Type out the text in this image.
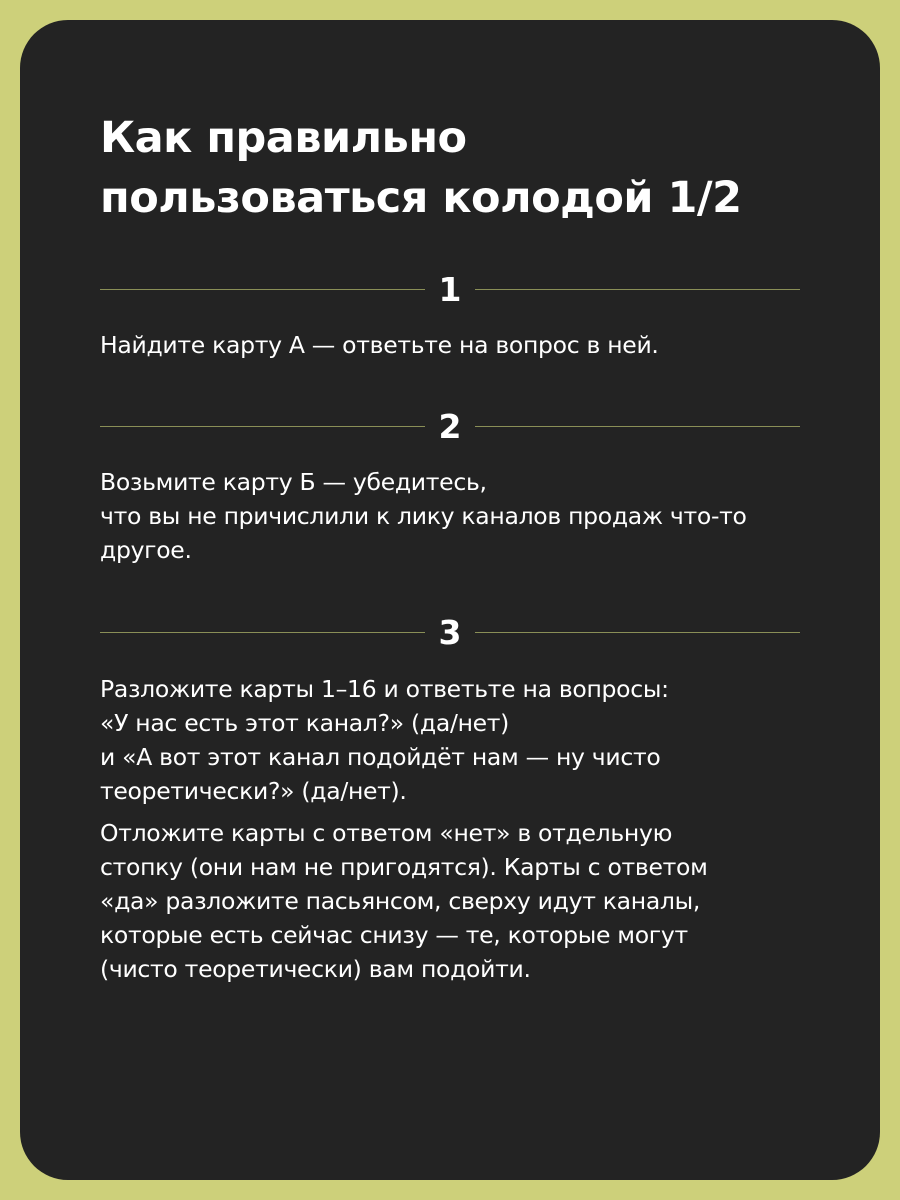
Как правильно
пользоваться колодой 1/2
1

Найдите карту А — ответьте на вопрос в ней.

2

Возьмите карту Б — убедитесь,
что вы не причислили к лику каналов продаж что-то
другое.

3

Разложите карты 1–16 и ответьте на вопросы:
«У нас есть этот канал?» (да/нет)
и «А вот этот канал подойдёт нам — ну чисто
теоретически?» (да/нет).

Отложите карты с ответом «нет» в отдельную
стопку (они нам не пригодятся). Карты с ответом
«да» разложите пасьянсом, сверху идут каналы,
которые есть сейчас снизу — те, которые могут
(чисто теоретически) вам подойти.
